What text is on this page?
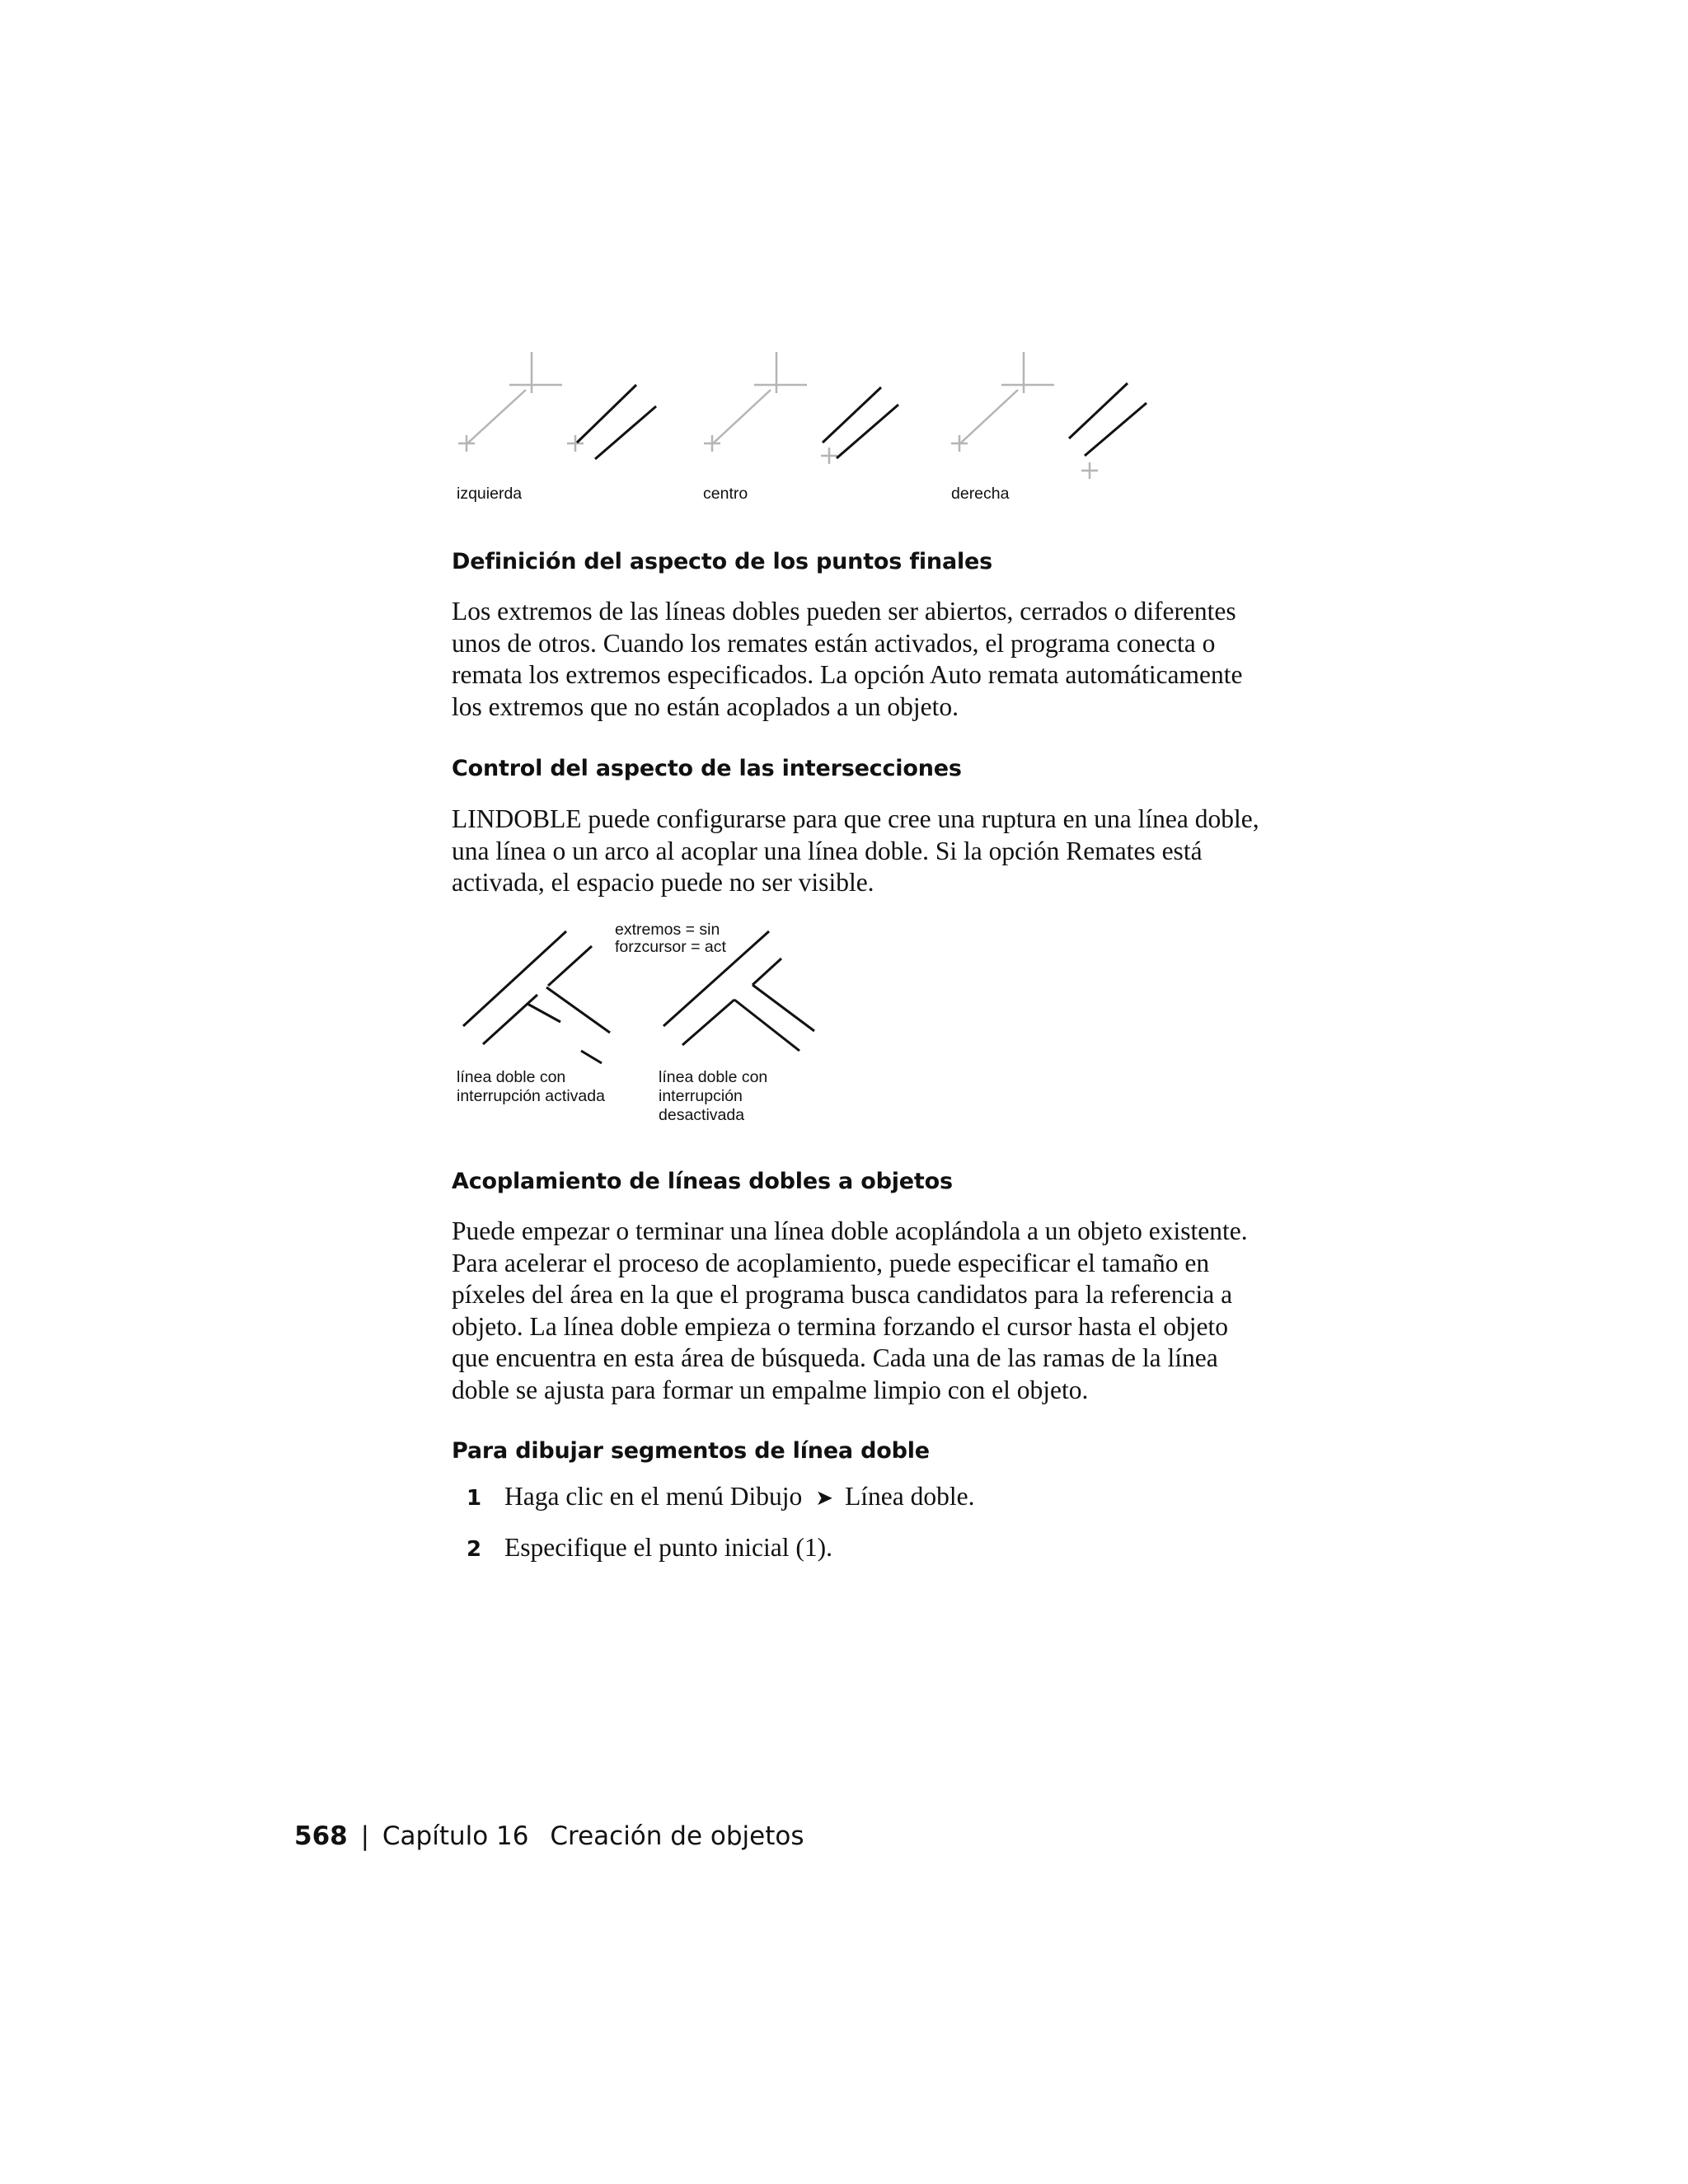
izquierda	centro	derecha
Definición del aspecto de los puntos finales
Los extremos de las líneas dobles pueden ser abiertos, cerrados o diferentes
unos de otros. Cuando los remates están activados, el programa conecta o
remata los extremos especificados. La opción Auto remata automáticamente
los extremos que no están acoplados a un objeto.
Control del aspecto de las intersecciones
LINDOBLE puede configurarse para que cree una ruptura en una línea doble,
una línea o un arco al acoplar una línea doble. Si la opción Remates está
activada, el espacio puede no ser visible.
extremos = sin
forzcursor = act
línea doble con
interrupción activada
línea doble con
interrupción
desactivada
Acoplamiento de líneas dobles a objetos
Puede empezar o terminar una línea doble acoplándola a un objeto existente.
Para acelerar el proceso de acoplamiento, puede especificar el tamaño en
píxeles del área en la que el programa busca candidatos para la referencia a
objeto. La línea doble empieza o termina forzando el cursor hasta el objeto
que encuentra en esta área de búsqueda. Cada una de las ramas de la línea
doble se ajusta para formar un empalme limpio con el objeto.
Para dibujar segmentos de línea doble
1 Haga clic en el menú Dibujo ➤ Línea doble.
2 Especifique el punto inicial (1).
568 | Capítulo 16 Creación de objetos
